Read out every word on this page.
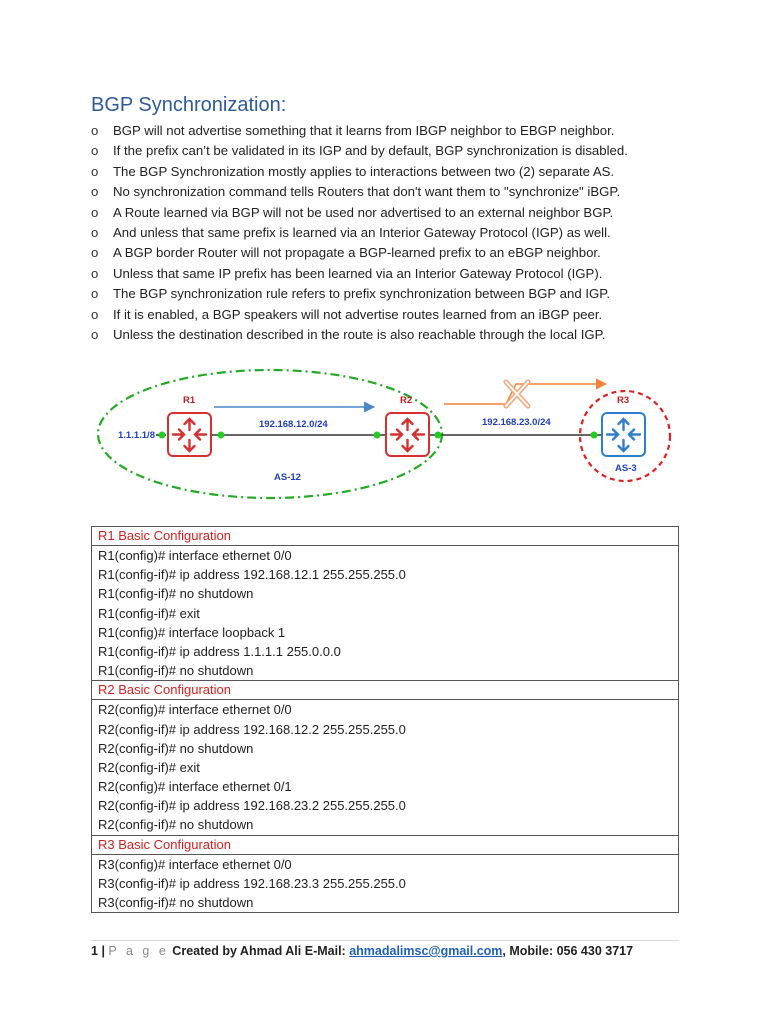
BGP Synchronization:
o	BGP will not advertise something that it learns from IBGP neighbor to EBGP neighbor.
o	If the prefix can’t be validated in its IGP and by default, BGP synchronization is disabled.
o	The BGP Synchronization mostly applies to interactions between two (2) separate AS.
o	No synchronization command tells Routers that don't want them to "synchronize" iBGP.
o	A Route learned via BGP will not be used nor advertised to an external neighbor BGP.
o	And unless that same prefix is learned via an Interior Gateway Protocol (IGP) as well.
o	A BGP border Router will not propagate a BGP-learned prefix to an eBGP neighbor.
o	Unless that same IP prefix has been learned via an Interior Gateway Protocol (IGP).
o	The BGP synchronization rule refers to prefix synchronization between BGP and IGP.
o	If it is enabled, a BGP speakers will not advertise routes learned from an iBGP peer.
o	Unless the destination described in the route is also reachable through the local IGP.
R1	R2	R3
1.1.1.1/8
192.168.12.0/24	192.168.23.0/24
AS-12
AS-3
R1 Basic Configuration

R1(config)# interface ethernet 0/0
R1(config-if)# ip address 192.168.12.1 255.255.255.0
R1(config-if)# no shutdown
R1(config-if)# exit
R1(config)# interface loopback 1
R1(config-if)# ip address 1.1.1.1 255.0.0.0
R1(config-if)# no shutdown

R2 Basic Configuration

R2(config)# interface ethernet 0/0
R2(config-if)# ip address 192.168.12.2 255.255.255.0
R2(config-if)# no shutdown
R2(config-if)# exit
R2(config)# interface ethernet 0/1
R2(config-if)# ip address 192.168.23.2 255.255.255.0
R2(config-if)# no shutdown

R3 Basic Configuration

R3(config)# interface ethernet 0/0
R3(config-if)# ip address 192.168.23.3 255.255.255.0
R3(config-if)# no shutdown
1 | P a g e Created by Ahmad Ali E-Mail: ahmadalimsc@gmail.com, Mobile: 056 430 3717
